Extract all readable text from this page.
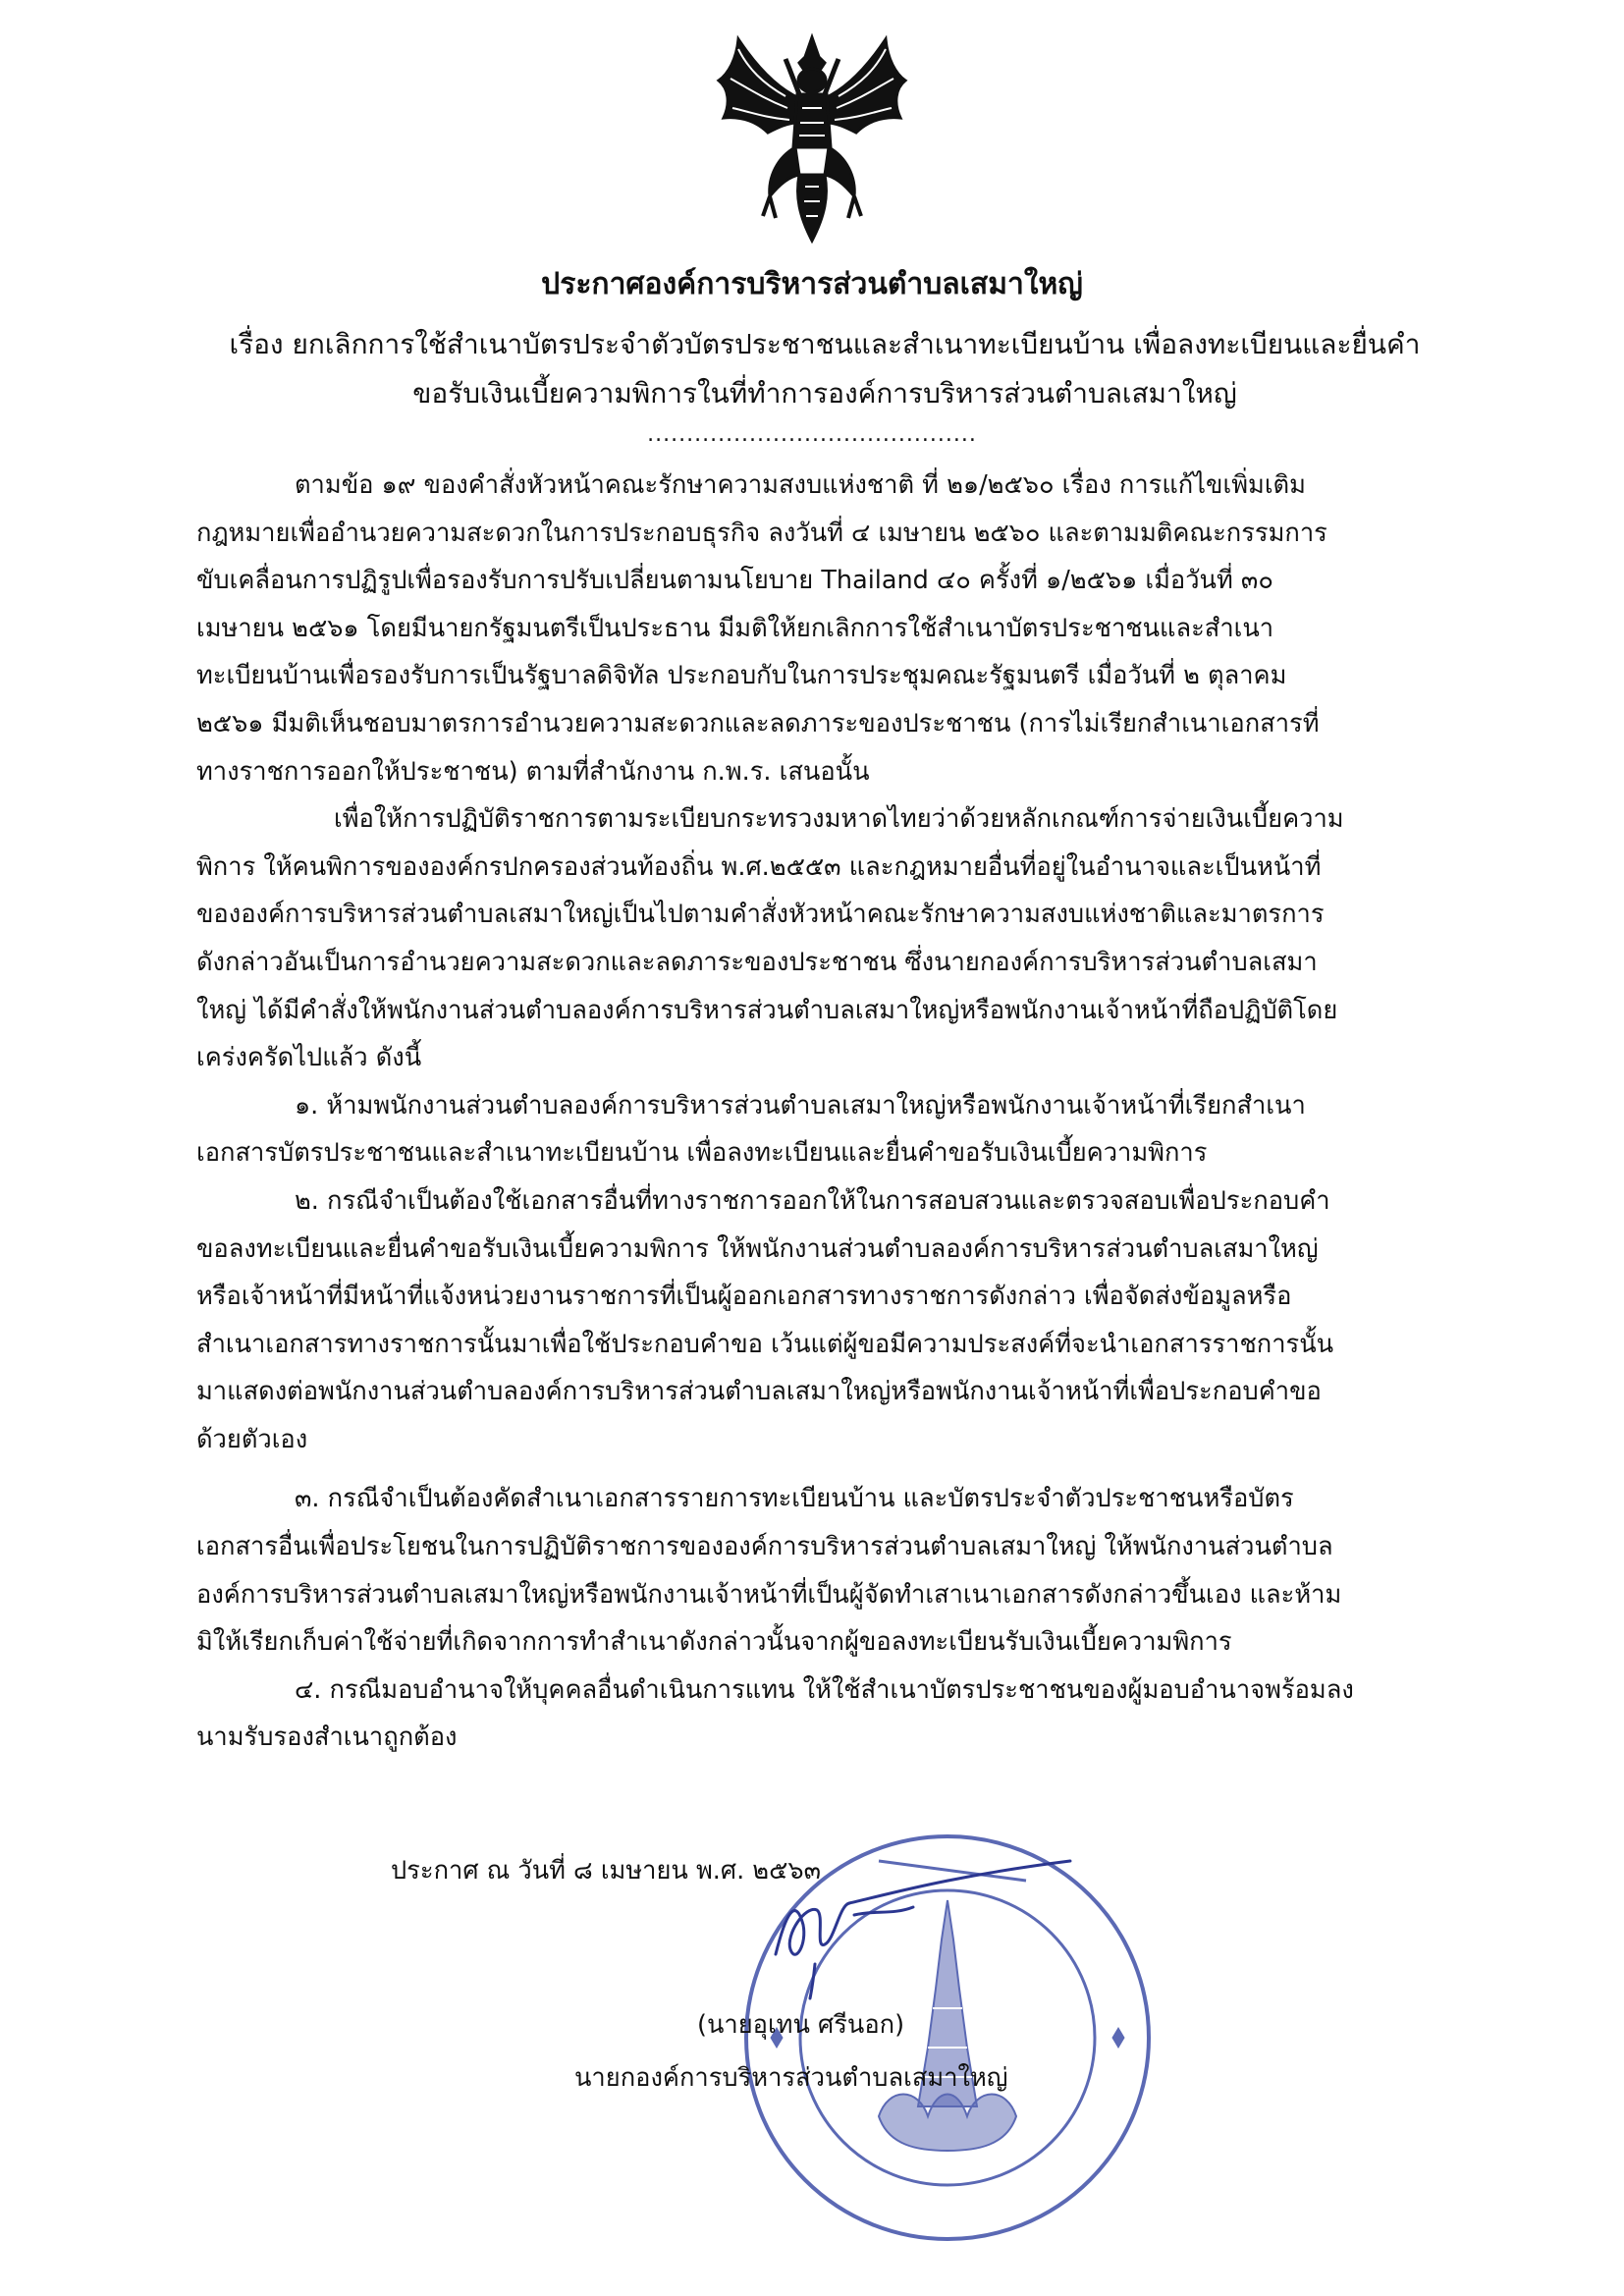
ประกาศองค์การบริหารส่วนตำบลเสมาใหญ่
เรื่อง ยกเลิกการใช้สำเนาบัตรประจำตัวบัตรประชาชนและสำเนาทะเบียนบ้าน เพื่อลงทะเบียนและยื่นคำ
ขอรับเงินเบี้ยความพิการในที่ทำการองค์การบริหารส่วนตำบลเสมาใหญ่
..........................................
ตามข้อ ๑๙ ของคำสั่งหัวหน้าคณะรักษาความสงบแห่งชาติ ที่ ๒๑/๒๕๖๐ เรื่อง การแก้ไขเพิ่มเติม
กฎหมายเพื่ออำนวยความสะดวกในการประกอบธุรกิจ ลงวันที่ ๔ เมษายน ๒๕๖๐ และตามมติคณะกรรมการ
ขับเคลื่อนการปฏิรูปเพื่อรองรับการปรับเปลี่ยนตามนโยบาย Thailand ๔๐ ครั้งที่ ๑/๒๕๖๑ เมื่อวันที่ ๓๐
เมษายน ๒๕๖๑ โดยมีนายกรัฐมนตรีเป็นประธาน มีมติให้ยกเลิกการใช้สำเนาบัตรประชาชนและสำเนา
ทะเบียนบ้านเพื่อรองรับการเป็นรัฐบาลดิจิทัล ประกอบกับในการประชุมคณะรัฐมนตรี เมื่อวันที่ ๒ ตุลาคม
๒๕๖๑ มีมติเห็นชอบมาตรการอำนวยความสะดวกและลดภาระของประชาชน (การไม่เรียกสำเนาเอกสารที่
ทางราชการออกให้ประชาชน) ตามที่สำนักงาน ก.พ.ร. เสนอนั้น
เพื่อให้การปฏิบัติราชการตามระเบียบกระทรวงมหาดไทยว่าด้วยหลักเกณฑ์การจ่ายเงินเบี้ยความ
พิการ ให้คนพิการขององค์กรปกครองส่วนท้องถิ่น พ.ศ.๒๕๕๓ และกฎหมายอื่นที่อยู่ในอำนาจและเป็นหน้าที่
ขององค์การบริหารส่วนตำบลเสมาใหญ่เป็นไปตามคำสั่งหัวหน้าคณะรักษาความสงบแห่งชาติและมาตรการ
ดังกล่าวอันเป็นการอำนวยความสะดวกและลดภาระของประชาชน ซึ่งนายกองค์การบริหารส่วนตำบลเสมา
ใหญ่ ได้มีคำสั่งให้พนักงานส่วนตำบลองค์การบริหารส่วนตำบลเสมาใหญ่หรือพนักงานเจ้าหน้าที่ถือปฏิบัติโดย
เคร่งครัดไปแล้ว ดังนี้
๑. ห้ามพนักงานส่วนตำบลองค์การบริหารส่วนตำบลเสมาใหญ่หรือพนักงานเจ้าหน้าที่เรียกสำเนา
เอกสารบัตรประชาชนและสำเนาทะเบียนบ้าน เพื่อลงทะเบียนและยื่นคำขอรับเงินเบี้ยความพิการ
๒. กรณีจำเป็นต้องใช้เอกสารอื่นที่ทางราชการออกให้ในการสอบสวนและตรวจสอบเพื่อประกอบคำ
ขอลงทะเบียนและยื่นคำขอรับเงินเบี้ยความพิการ ให้พนักงานส่วนตำบลองค์การบริหารส่วนตำบลเสมาใหญ่
หรือเจ้าหน้าที่มีหน้าที่แจ้งหน่วยงานราชการที่เป็นผู้ออกเอกสารทางราชการดังกล่าว เพื่อจัดส่งข้อมูลหรือ
สำเนาเอกสารทางราชการนั้นมาเพื่อใช้ประกอบคำขอ เว้นแต่ผู้ขอมีความประสงค์ที่จะนำเอกสารราชการนั้น
มาแสดงต่อพนักงานส่วนตำบลองค์การบริหารส่วนตำบลเสมาใหญ่หรือพนักงานเจ้าหน้าที่เพื่อประกอบคำขอ
ด้วยตัวเอง
๓. กรณีจำเป็นต้องคัดสำเนาเอกสารรายการทะเบียนบ้าน และบัตรประจำตัวประชาชนหรือบัตร
เอกสารอื่นเพื่อประโยชนในการปฏิบัติราชการขององค์การบริหารส่วนตำบลเสมาใหญ่ ให้พนักงานส่วนตำบล
องค์การบริหารส่วนตำบลเสมาใหญ่หรือพนักงานเจ้าหน้าที่เป็นผู้จัดทำเสาเนาเอกสารดังกล่าวขึ้นเอง และห้าม
มิให้เรียกเก็บค่าใช้จ่ายที่เกิดจากการทำสำเนาดังกล่าวนั้นจากผู้ขอลงทะเบียนรับเงินเบี้ยความพิการ
๔. กรณีมอบอำนาจให้บุคคลอื่นดำเนินการแทน ให้ใช้สำเนาบัตรประชาชนของผู้มอบอำนาจพร้อมลง
นามรับรองสำเนาถูกต้อง
ประกาศ ณ วันที่ ๘ เมษายน พ.ศ. ๒๕๖๓
(นายอุเทน ศรีนอก)
นายกองค์การบริหารส่วนตำบลเสมาใหญ่
